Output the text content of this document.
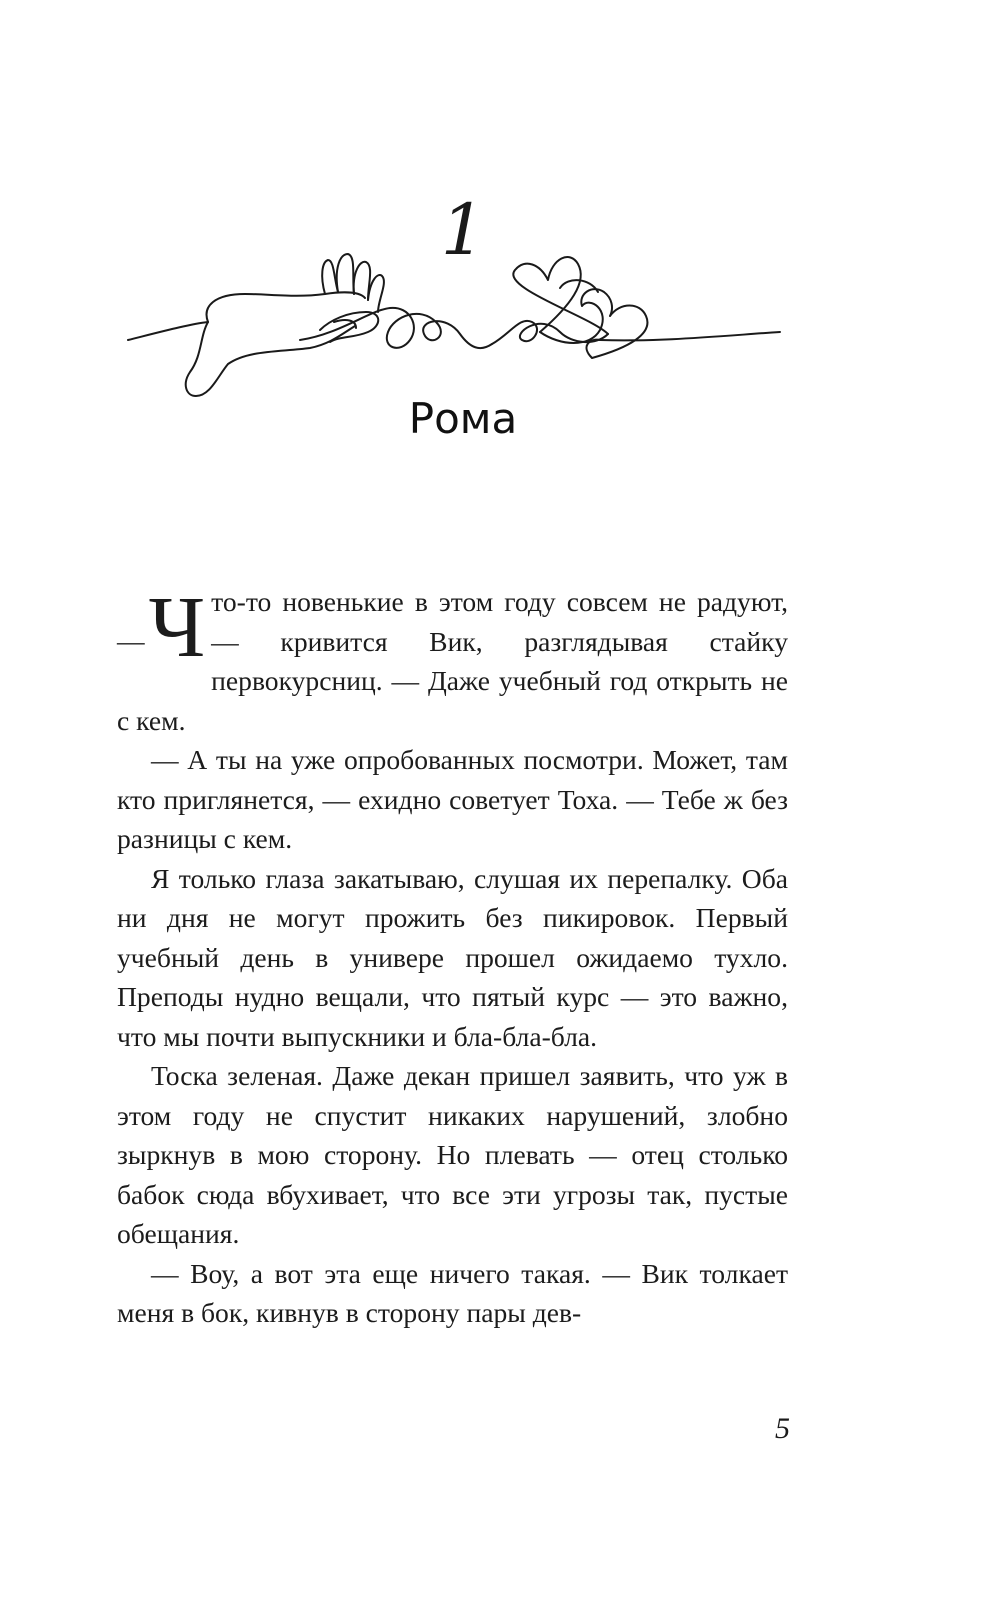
1
Рома

— Ч то-то новенькие в этом году совсем не радуют, — кривится Вик, разглядывая стайку первокурсниц. — Даже учебный год открыть не с кем.

— А ты на уже опробованных посмотри. Может, там кто приглянется, — ехидно советует Тоха. — Тебе ж без разницы с кем.

Я только глаза закатываю, слушая их перепалку. Оба ни дня не могут прожить без пикировок. Первый учебный день в универе прошел ожидаемо тухло. Преподы нудно вещали, что пятый курс — это важно, что мы почти выпускники и бла-бла-бла.

Тоска зеленая. Даже декан пришел заявить, что уж в этом году не спустит никаких нарушений, злобно зыркнув в мою сторону. Но плевать — отец столько бабок сюда вбухивает, что все эти угрозы так, пустые обещания.

— Воу, а вот эта еще ничего такая. — Вик толкает меня в бок, кивнув в сторону пары дев-

5
